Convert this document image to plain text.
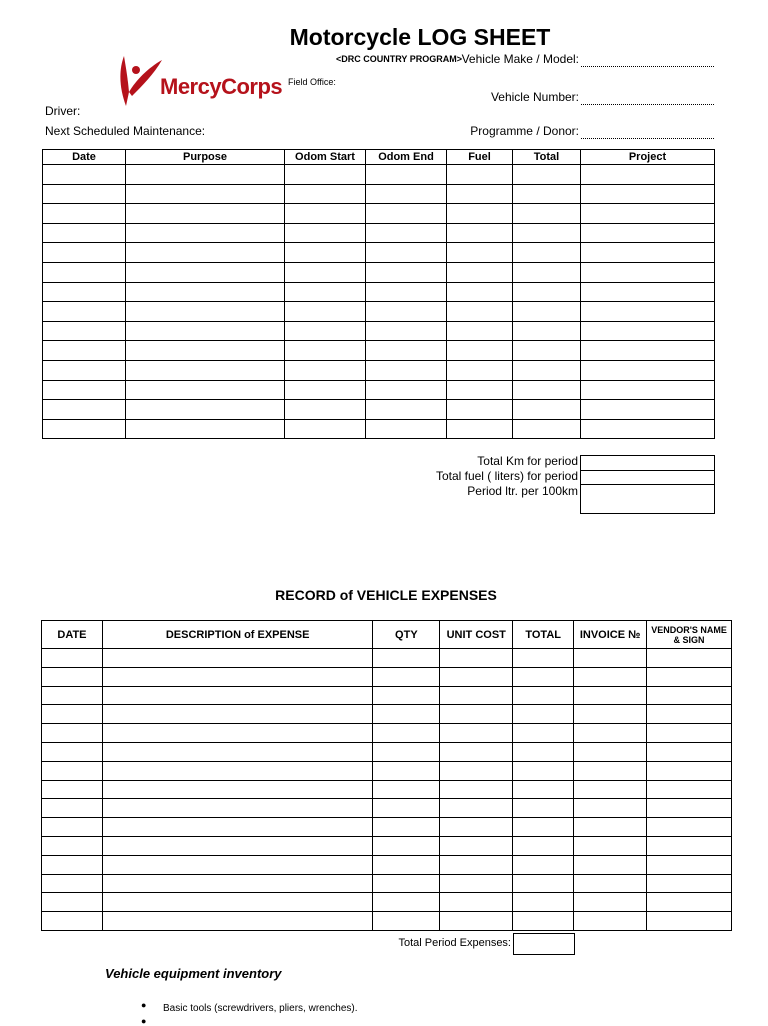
Motorcycle LOG SHEET
<DRC COUNTRY PROGRAM>
MercyCorps Field Office:
Driver:
Next Scheduled Maintenance:
Vehicle Make / Model:
Vehicle Number:
Programme / Donor:
Date	Purpose	Odom Start	Odom End	Fuel	Total	Project

Total Km for period
Total fuel ( liters) for period
Period ltr. per 100km
RECORD of VEHICLE EXPENSES
DATE	DESCRIPTION of EXPENSE	QTY	UNIT COST	TOTAL	INVOICE №	VENDOR'S NAME & SIGN

Total Period Expenses:
Vehicle equipment inventory
● Basic tools (screwdrivers, pliers, wrenches).
●
